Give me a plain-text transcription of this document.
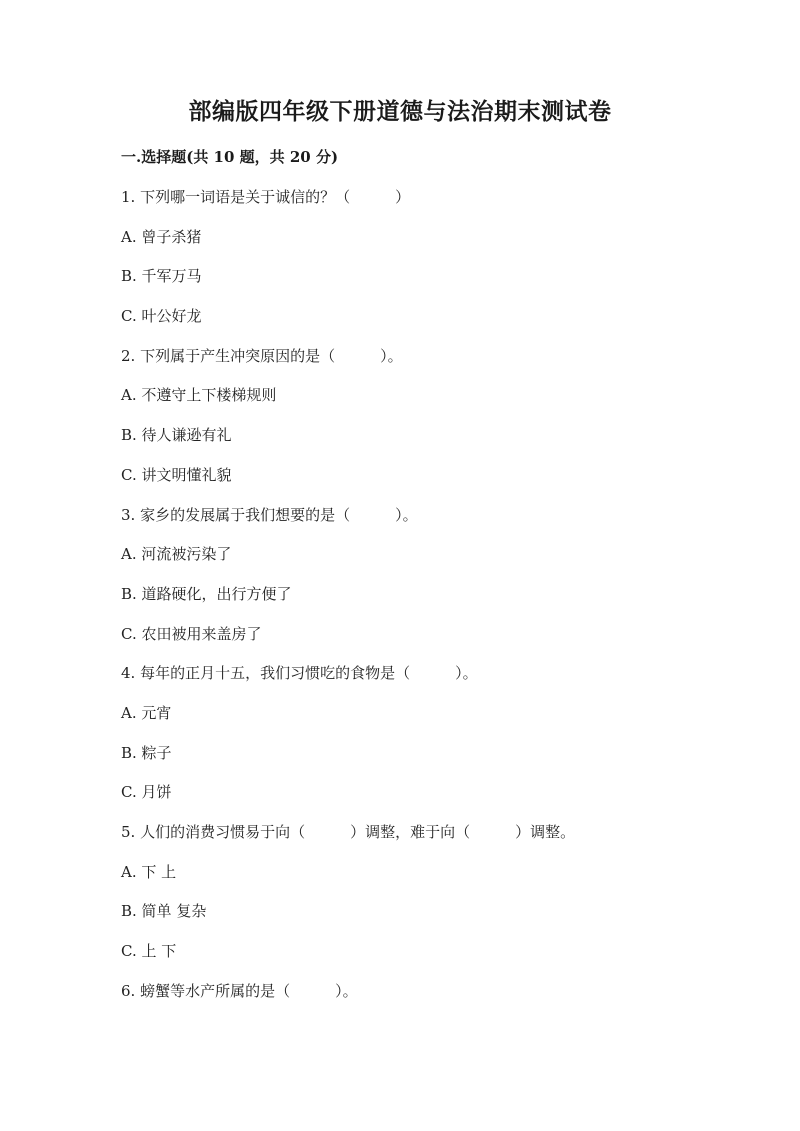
部编版四年级下册道德与法治期末测试卷
一.选择题(共 10 题，共 20 分)
1. 下列哪一词语是关于诚信的？（　　　）
A. 曾子杀猪
B. 千军万马
C. 叶公好龙
2. 下列属于产生冲突原因的是（　　　）。
A. 不遵守上下楼梯规则
B. 待人谦逊有礼
C. 讲文明懂礼貌
3. 家乡的发展属于我们想要的是（　　　）。
A. 河流被污染了
B. 道路硬化，出行方便了
C. 农田被用来盖房了
4. 每年的正月十五，我们习惯吃的食物是（　　　）。
A. 元宵
B. 粽子
C. 月饼
5. 人们的消费习惯易于向（　　　）调整，难于向（　　　）调整。
A. 下 上
B. 简单 复杂
C. 上 下
6. 螃蟹等水产所属的是（　　　）。
